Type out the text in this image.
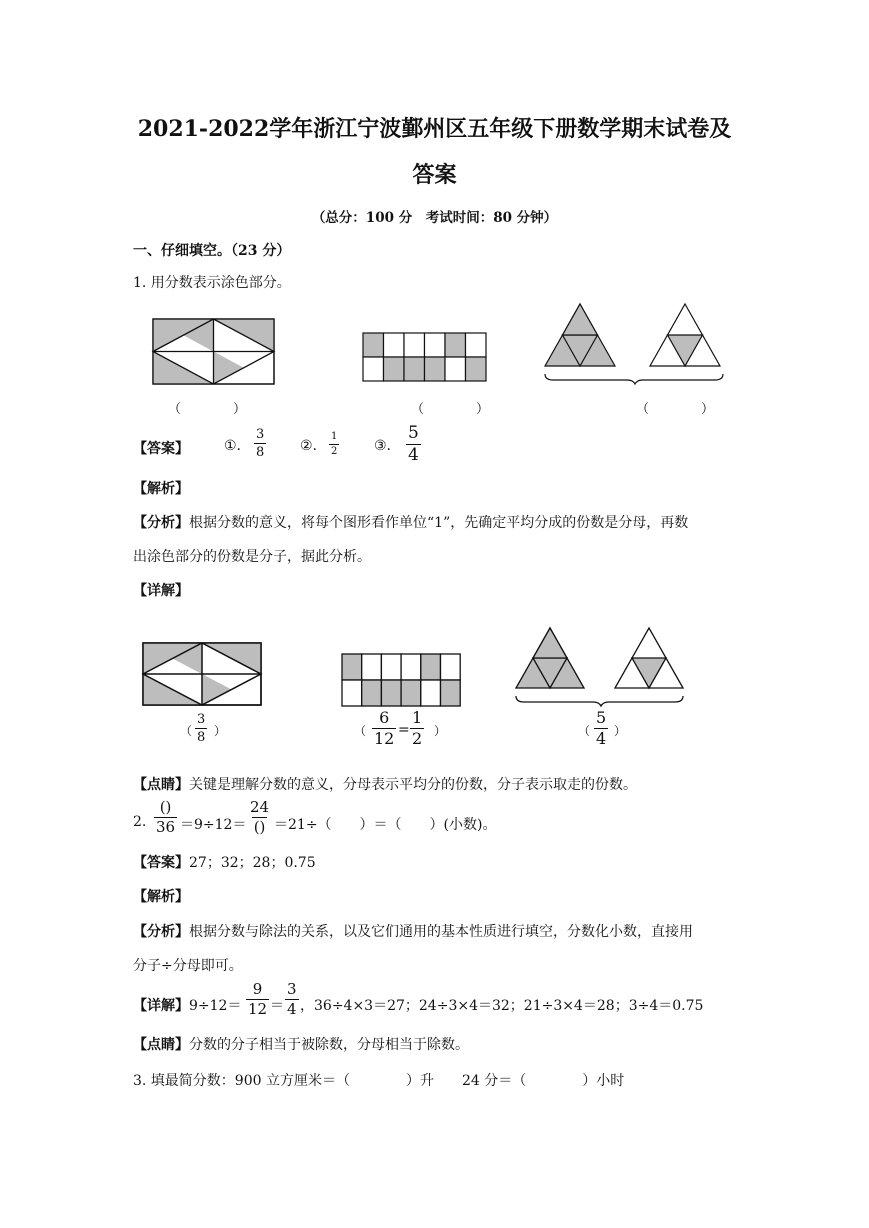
2021-2022学年浙江宁波鄞州区五年级下册数学期末试卷及
答案
（总分：100 分　考试时间：80 分钟）
一、仔细填空。（23 分）
1. 用分数表示涂色部分。
（　　　　）	（　　　　）	（　　　　）
【答案】	①. $\frac{3}{8}$ ②. $\frac{1}{2}$ ③. $\frac{5}{4}$
【解析】
【分析】根据分数的意义，将每个图形看作单位“1”，先确定平均分成的份数是分母，再数
出涂色部分的份数是分子，据此分析。
【详解】
（ $\frac{3}{8}$ ）	（ $\frac{6}{12} = \frac{1}{2}$ ）	（ $\frac{5}{4}$ ）
【点睛】关键是理解分数的意义，分母表示平均分的份数，分子表示取走的份数。
2.
()
36 ＝9÷12＝
24
() ＝21÷（　　）＝（　　）(小数)。
【答案】27；32；28；0.75
【解析】
【分析】根据分数与除法的关系，以及它们通用的基本性质进行填空，分数化小数，直接用
分子÷分母即可。
【详解】$9\div 12= \frac{9}{12} = \frac{3}{4}$ ，36÷4×3＝27；24÷3×4＝32；21÷3×4＝28；3÷4＝0.75
【点睛】分数的分子相当于被除数，分母相当于除数。
3. 填最简分数：900 立方厘米＝（　　　　）升　　24 分＝（　　　　）小时
